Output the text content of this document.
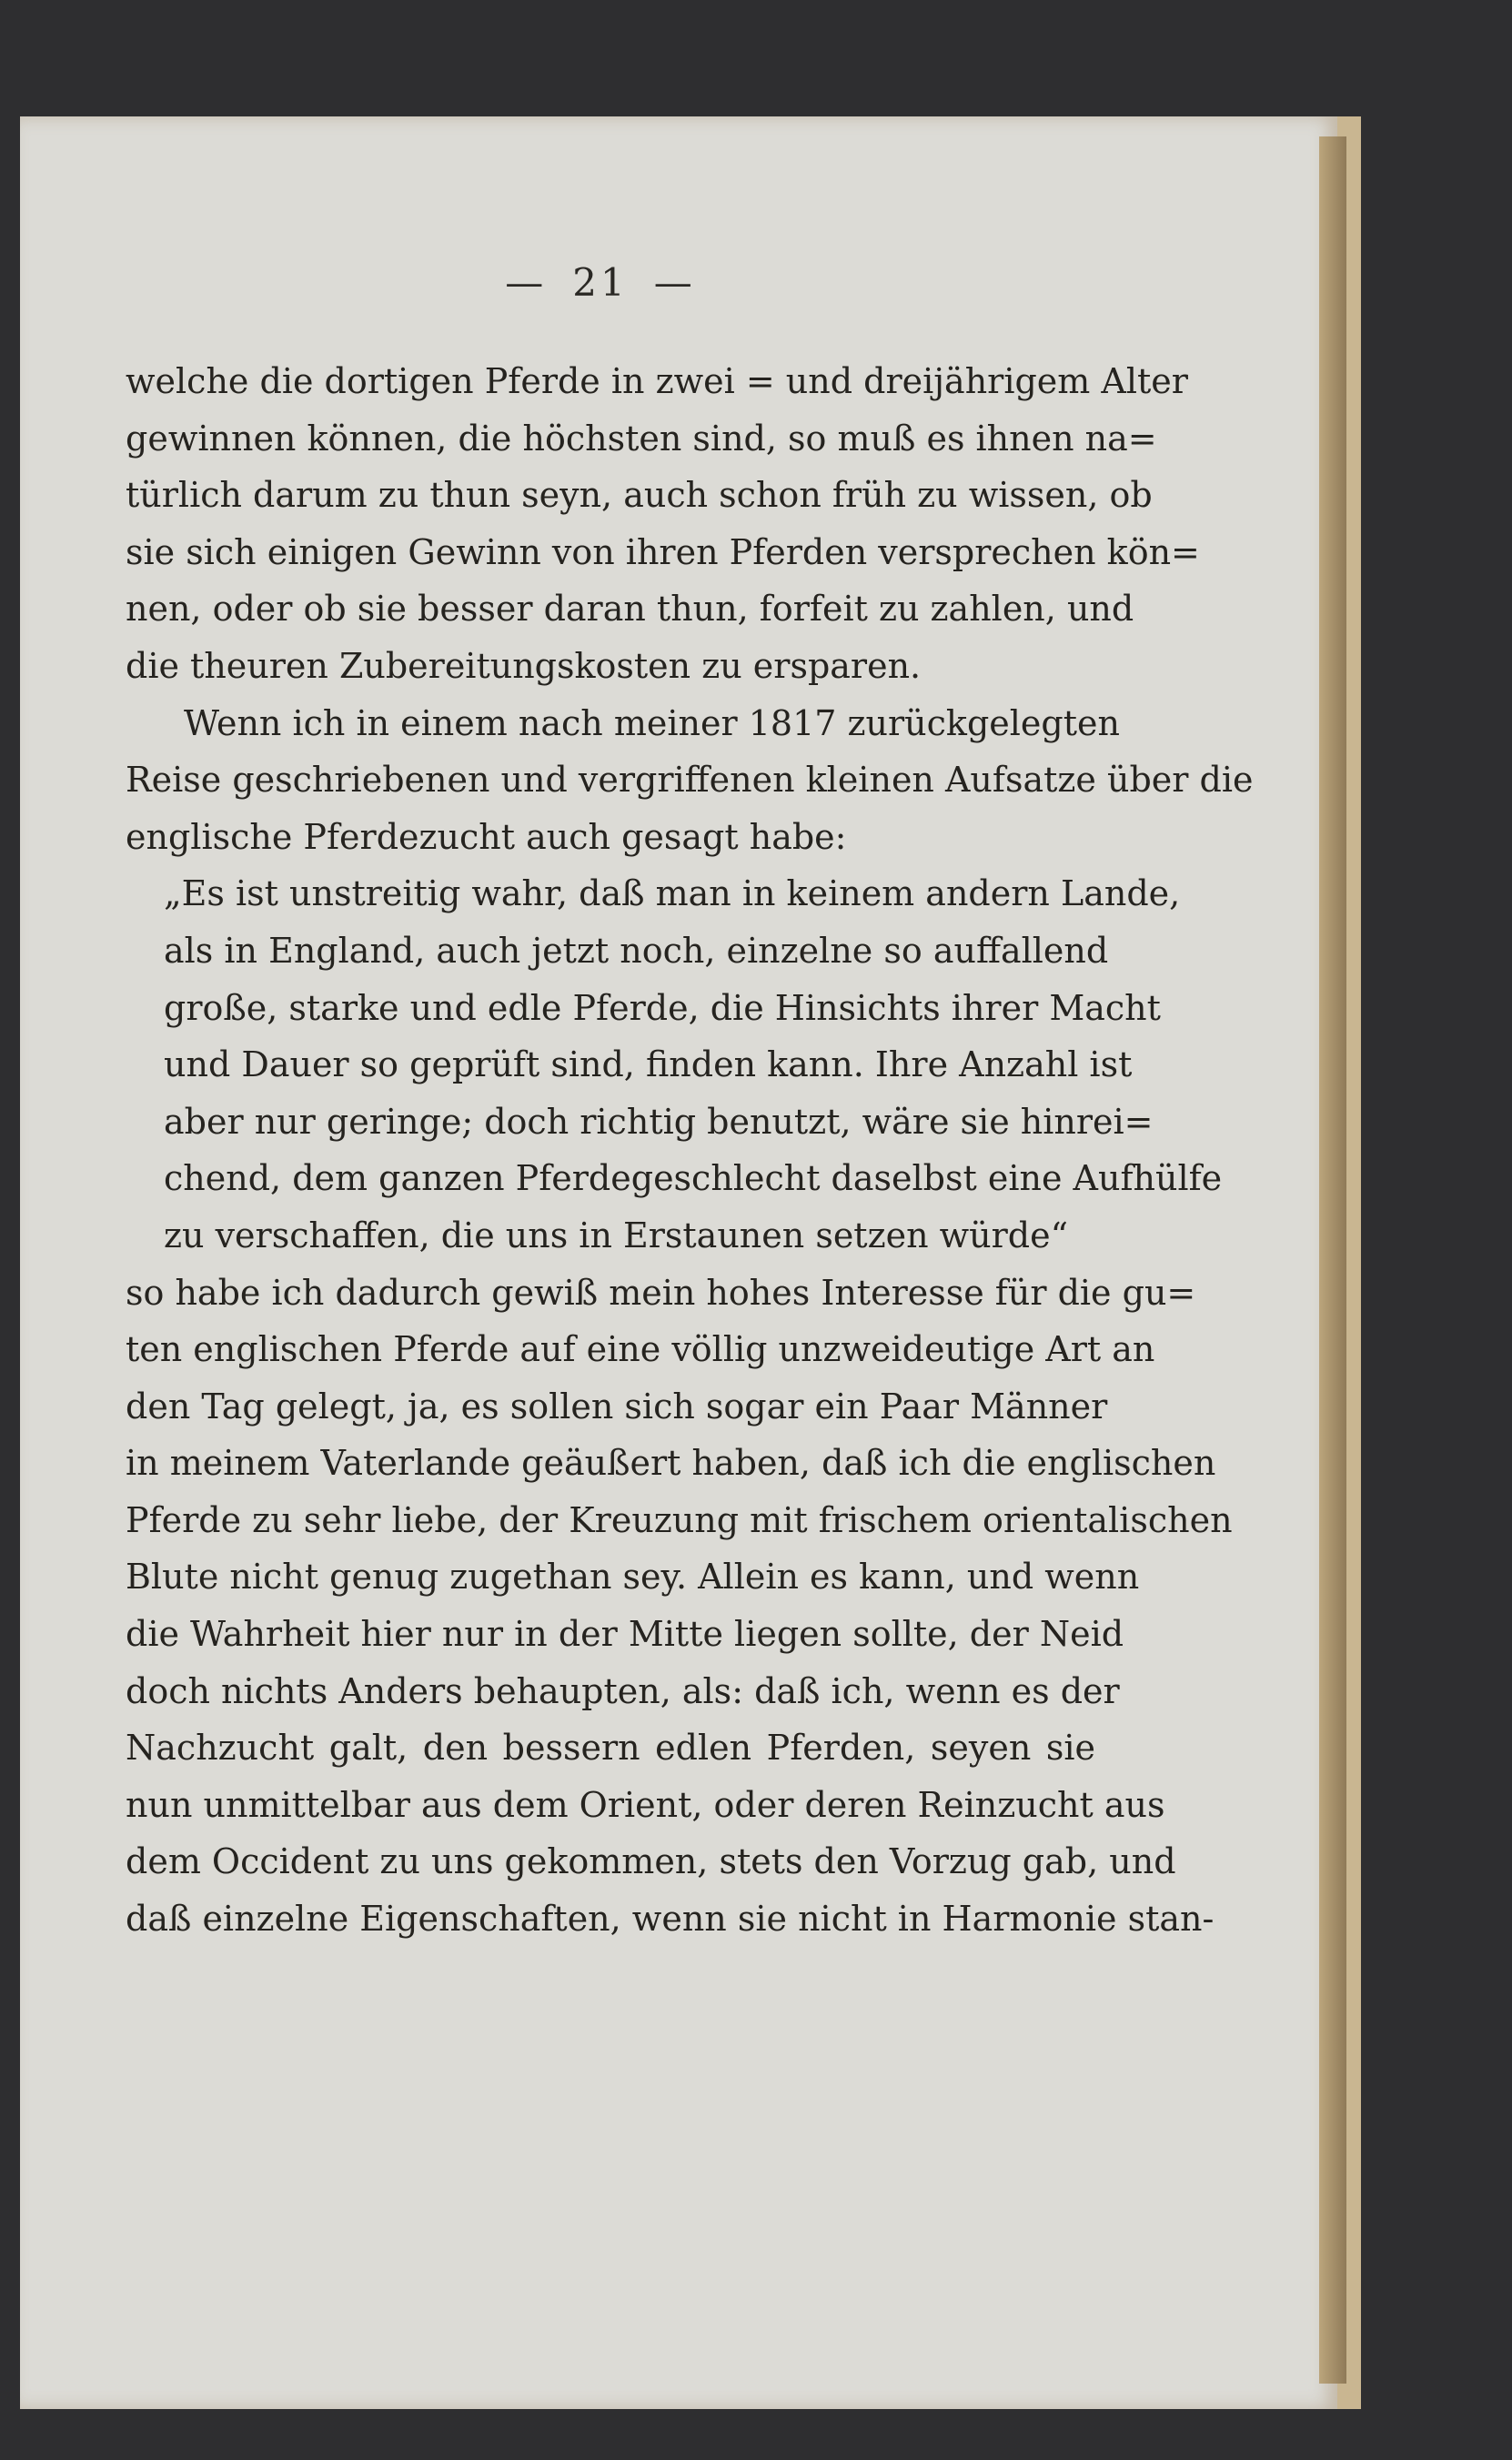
— 21 —
welche die dortigen Pferde in zwei = und dreijährigem Alter
gewinnen können, die höchsten sind, so muß es ihnen na=
türlich darum zu thun seyn, auch schon früh zu wissen, ob
sie sich einigen Gewinn von ihren Pferden versprechen kön=
nen, oder ob sie besser daran thun, forfeit zu zahlen, und
die theuren Zubereitungskosten zu ersparen.
Wenn ich in einem nach meiner 1817 zurückgelegten
Reise geschriebenen und vergriffenen kleinen Aufsatze über die
englische Pferdezucht auch gesagt habe:
„Es ist unstreitig wahr, daß man in keinem andern Lande,
als in England, auch jetzt noch, einzelne so auffallend
große, starke und edle Pferde, die Hinsichts ihrer Macht
und Dauer so geprüft sind, finden kann. Ihre Anzahl ist
aber nur geringe; doch richtig benutzt, wäre sie hinrei=
chend, dem ganzen Pferdegeschlecht daselbst eine Aufhülfe
zu verschaffen, die uns in Erstaunen setzen würde“
so habe ich dadurch gewiß mein hohes Interesse für die gu=
ten englischen Pferde auf eine völlig unzweideutige Art an
den Tag gelegt, ja, es sollen sich sogar ein Paar Männer
in meinem Vaterlande geäußert haben, daß ich die englischen
Pferde zu sehr liebe, der Kreuzung mit frischem orientalischen
Blute nicht genug zugethan sey. Allein es kann, und wenn
die Wahrheit hier nur in der Mitte liegen sollte, der Neid
doch nichts Anders behaupten, als: daß ich, wenn es der
Nachzucht galt, den bessern edlen Pferden, seyen sie
nun unmittelbar aus dem Orient, oder deren Reinzucht aus
dem Occident zu uns gekommen, stets den Vorzug gab, und
daß einzelne Eigenschaften, wenn sie nicht in Harmonie stan-
